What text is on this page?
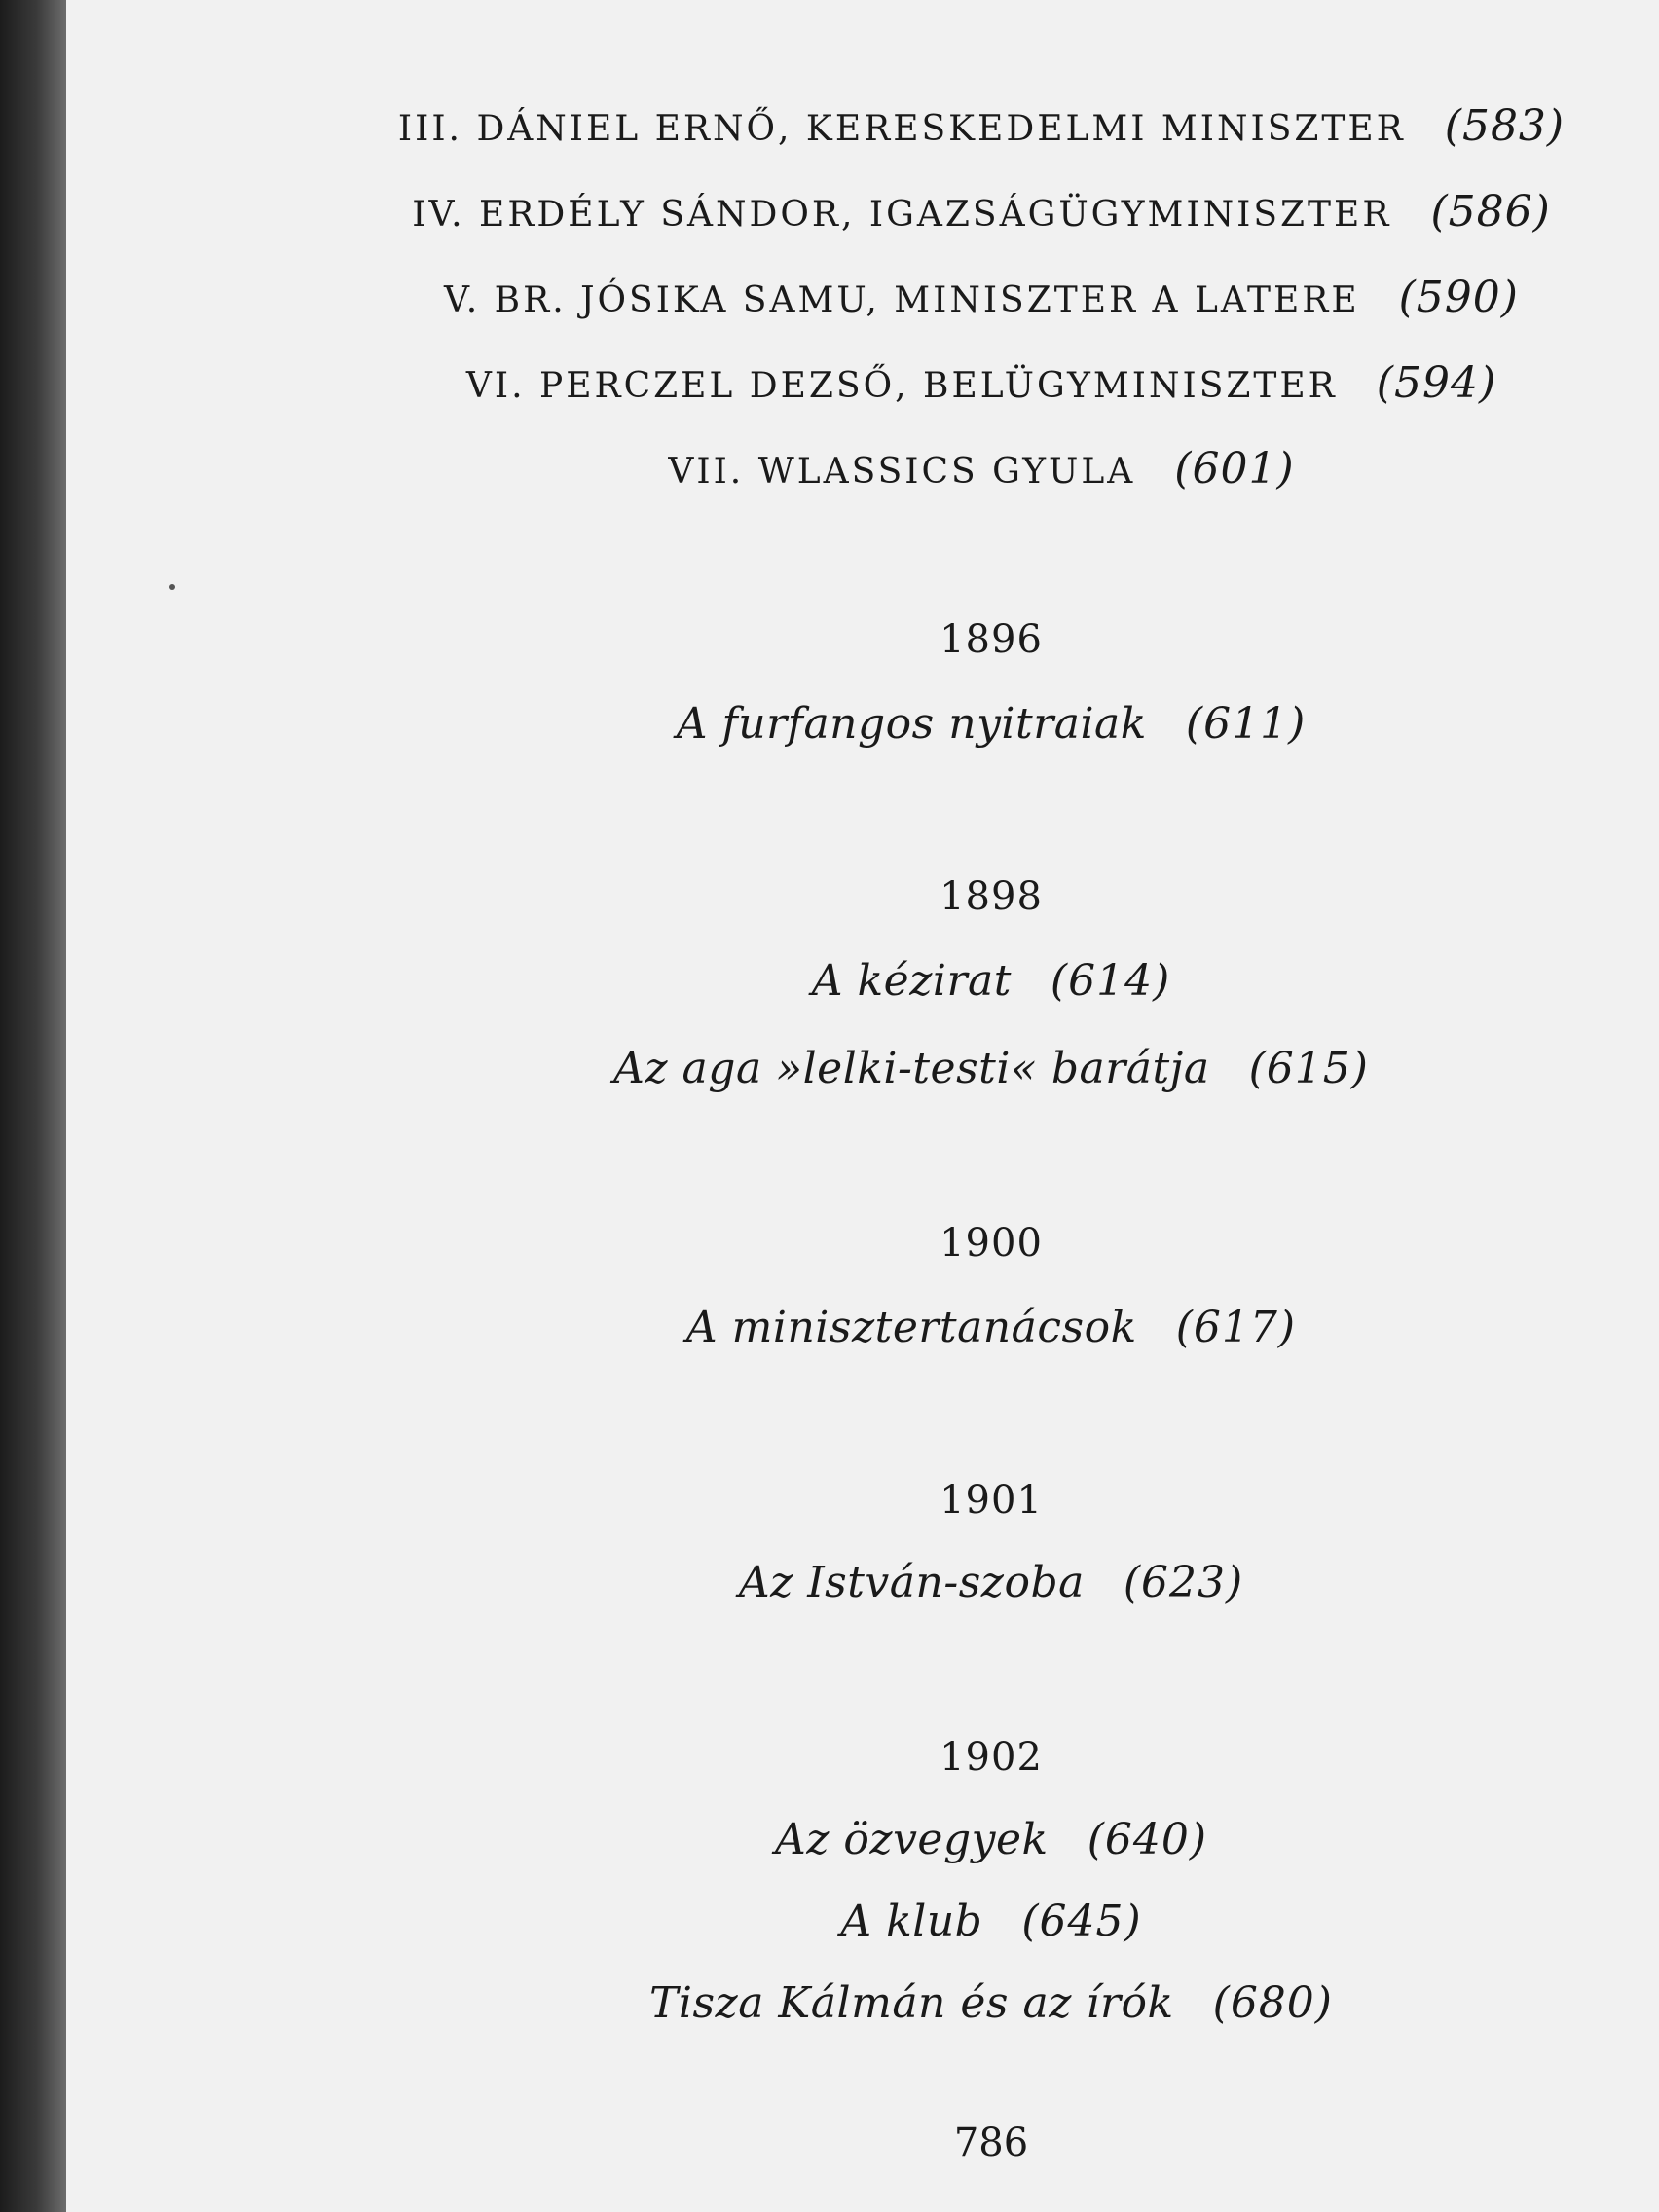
III. DÁNIEL ERNŐ, KERESKEDELMI MINISZTER (583)
IV. ERDÉLY SÁNDOR, IGAZSÁGÜGYMINISZTER (586)
V. BR. JÓSIKA SAMU, MINISZTER A LATERE (590)
VI. PERCZEL DEZSŐ, BELÜGYMINISZTER (594)
VII. WLASSICS GYULA (601)
1896
A furfangos nyitraiak (611)
1898
A kézirat (614)
Az aga »lelki-testi« barátja (615)
1900
A minisztertanácsok (617)
1901
Az István-szoba (623)
1902
Az özvegyek (640)
A klub (645)
Tisza Kálmán és az írók (680)
786
